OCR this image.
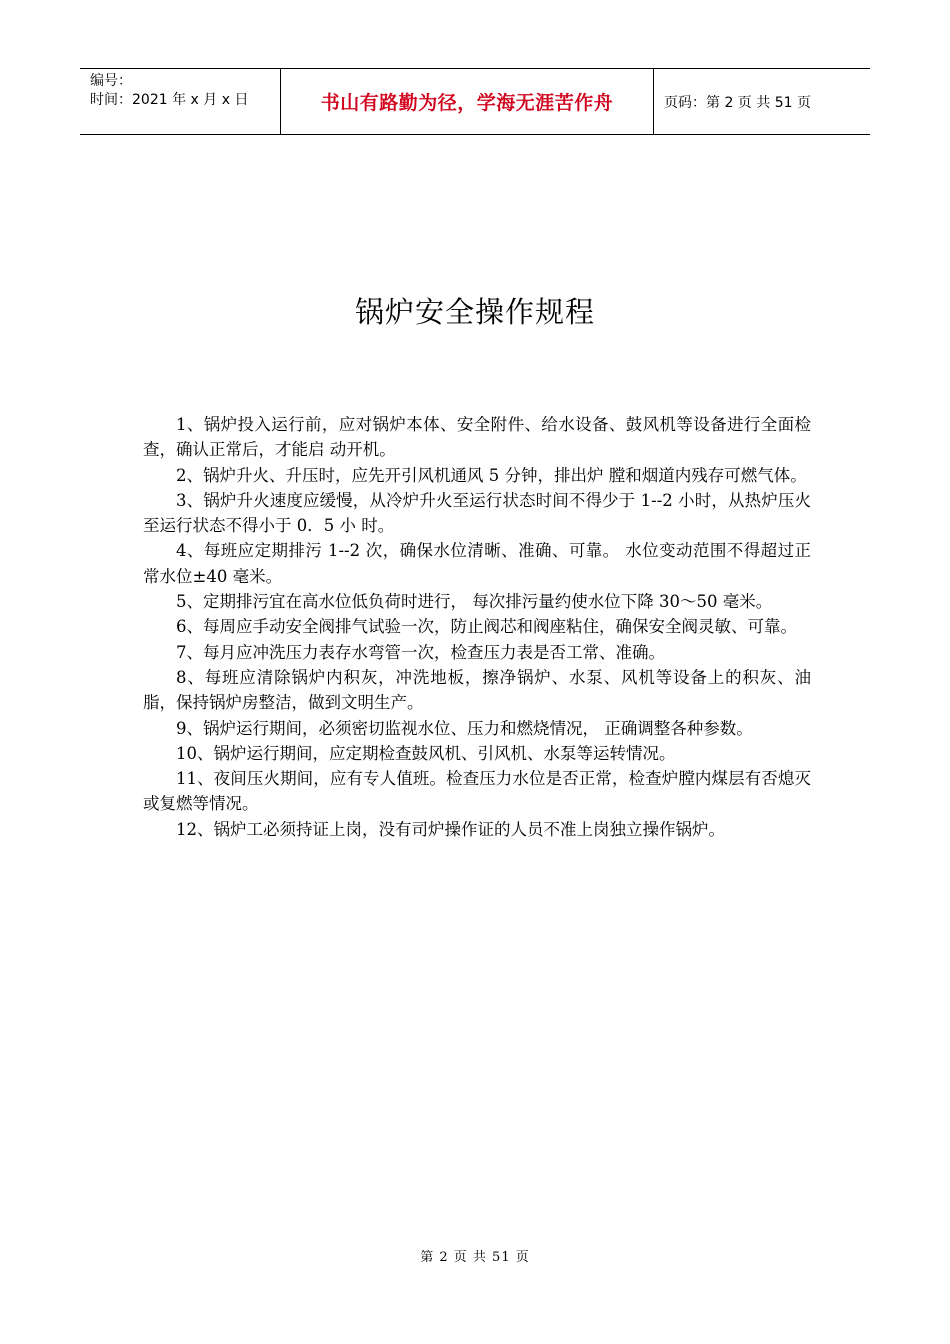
编号：
时间：2021 年 x 月 x 日	书山有路勤为径，学海无涯苦作舟	页码：第 2 页 共 51 页
锅炉安全操作规程

1、锅炉投入运行前，应对锅炉本体、安全附件、给水设备、鼓风机等设备进行全面检查，确认正常后，才能启 动开机。

2、锅炉升火、升压时，应先开引风机通风 5 分钟，排出炉 膛和烟道内残存可燃气体。

3、锅炉升火速度应缓慢，从冷炉升火至运行状态时间不得少于 1--2 小时，从热炉压火至运行状态不得小于 0．5 小 时。

4、每班应定期排污 1--2 次，确保水位清晰、准确、可靠。 水位变动范围不得超过正常水位±40 毫米。

5、定期排污宜在高水位低负荷时进行， 每次排污量约使水位下降 30～50 毫米。

6、每周应手动安全阀排气试验一次，防止阀芯和阀座粘住，确保安全阀灵敏、可靠。

7、每月应冲洗压力表存水弯管一次，检查压力表是否工常、准确。

8、每班应清除锅炉内积灰，冲洗地板，擦净锅炉、水泵、风机等设备上的积灰、油脂，保持锅炉房整洁，做到文明生产。

9、锅炉运行期间，必须密切监视水位、压力和燃烧情况， 正确调整各种参数。

10、锅炉运行期间，应定期检查鼓风机、引风机、水泵等运转情况。

11、夜间压火期间，应有专人值班。检查压力水位是否正常，检查炉膛内煤层有否熄灭或复燃等情况。

12、锅炉工必须持证上岗，没有司炉操作证的人员不准上岗独立操作锅炉。

第 2 页 共 51 页
